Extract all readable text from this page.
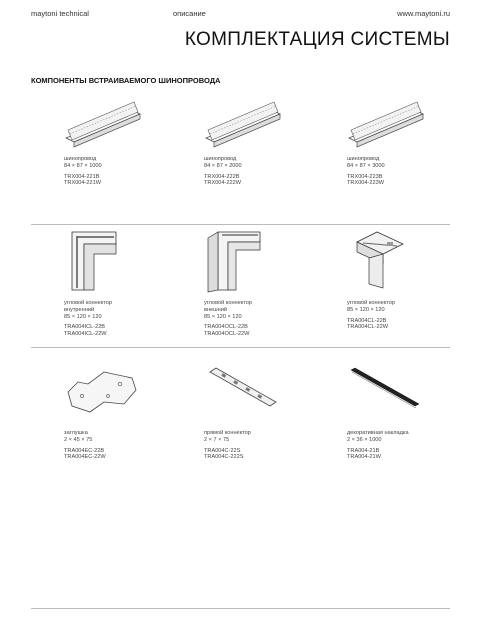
maytoni technical	описание	www.maytoni.ru
КОМПЛЕКТАЦИЯ СИСТЕМЫ
КОМПОНЕНТЫ ВСТРАИВАЕМОГО ШИНОПРОВОДА
шинопровод
84 × 87 × 1000
TRX004-221B
TRX004-221W
шинопровод
84 × 87 × 2000
TRX004-222B
TRX004-222W
шинопровод
84 × 87 × 3000
TRX004-223B
TRX004-223W
угловой коннектор
внутренний
85 × 120 × 120
TRA004ICL-22B
TRA004ICL-22W
угловой коннектор
внешний
85 × 120 × 120
TRA004OCL-22B
TRA004OCL-22W
угловой коннектор
85 × 120 × 120
TRA004CL-22B
TRA004CL-22W
заглушка
2 × 45 × 75
TRA004EC-22B
TRA004EC-22W
прямой коннектор
2 × 7 × 75
TRA004C-22S
TRA004C-222S
декоративная накладка
2 × 36 × 1000
TRA004-21B
TRA004-21W
